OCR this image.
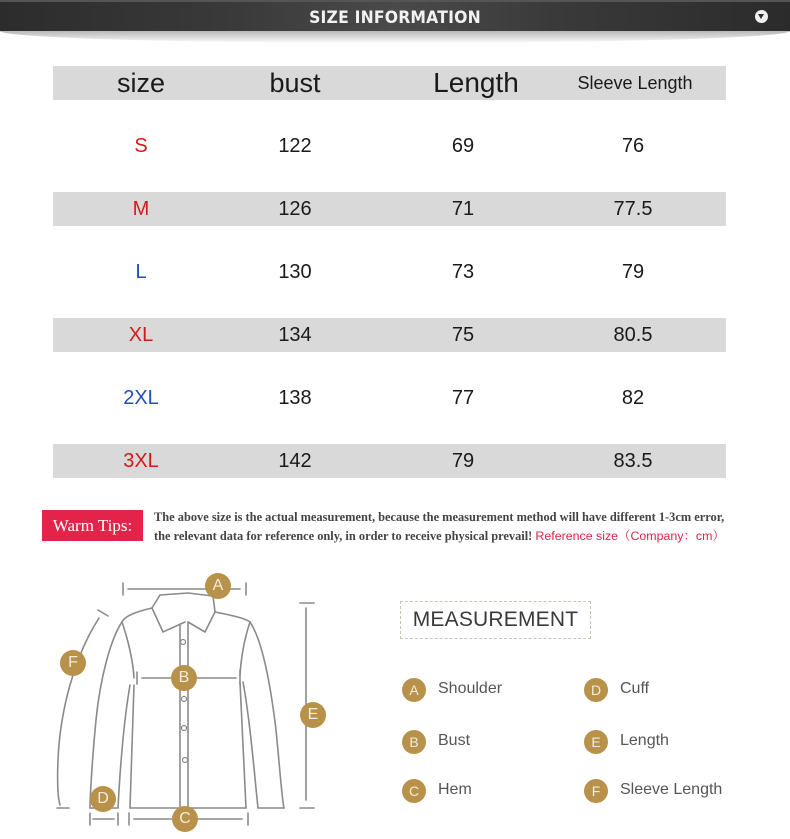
SIZE INFORMATION
size	bust	Length	Sleeve Length
S	122	69	76
M	126	71	77.5
L	130	73	79
XL	134	75	80.5
2XL	138	77	82
3XL	142	79	83.5
Warm Tips:	The above size is the actual measurement, because the measurement method will have different 1-3cm error,
the relevant data for reference only, in order to receive physical prevail! Reference size（Company：cm）
A
B
C
D
E
F
MEASUREMENT
A	Shoulder
B	Bust
C	Hem
D	Cuff
E	Length
F	Sleeve Length
